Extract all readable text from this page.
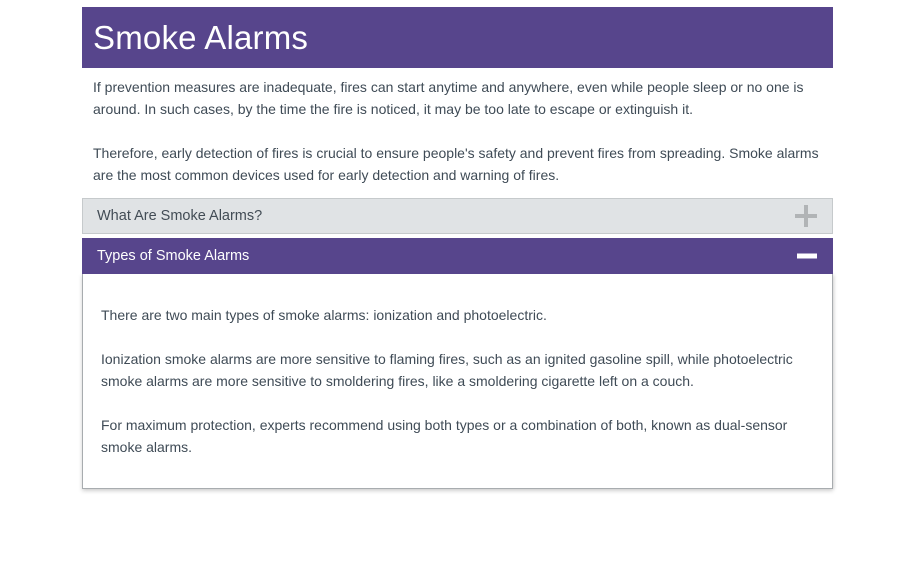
Smoke Alarms

If prevention measures are inadequate, fires can start anytime and anywhere, even while people sleep or no one is around. In such cases, by the time the fire is noticed, it may be too late to escape or extinguish it.

Therefore, early detection of fires is crucial to ensure people's safety and prevent fires from spreading. Smoke alarms are the most common devices used for early detection and warning of fires.

What Are Smoke Alarms?
Types of Smoke Alarms

There are two main types of smoke alarms: ionization and photoelectric.

Ionization smoke alarms are more sensitive to flaming fires, such as an ignited gasoline spill, while photoelectric smoke alarms are more sensitive to smoldering fires, like a smoldering cigarette left on a couch.

For maximum protection, experts recommend using both types or a combination of both, known as dual-sensor smoke alarms.
